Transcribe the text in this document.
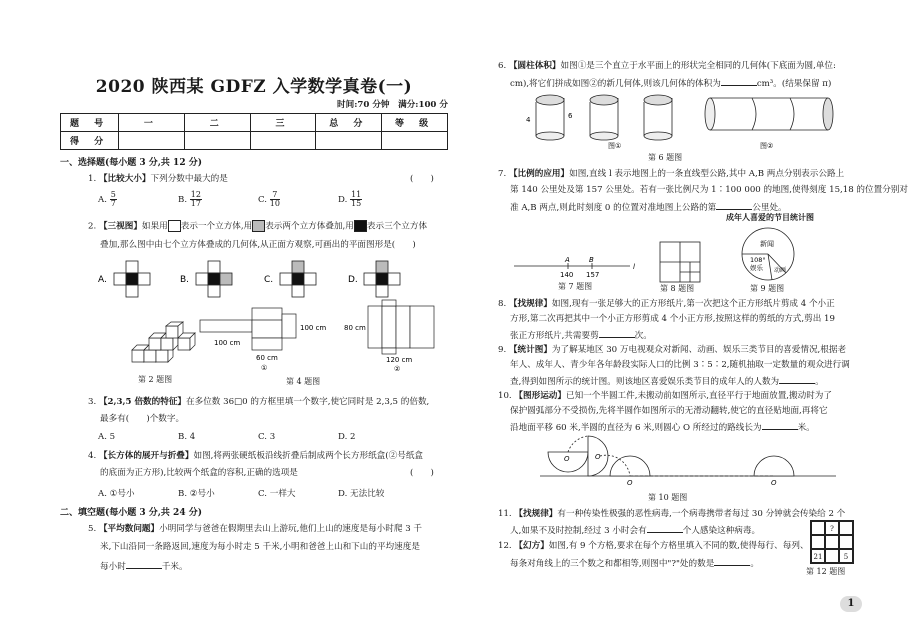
2020 陕西某 GDFZ 入学数学真卷(一)
时间:70 分钟　满分:100 分
题 号	一	二	三	总 分	等 级
得 分					
一、选择题(每小题 3 分,共 12 分)
1. 【比较大小】下列分数中最大的是	(　　)
A. $\frac{5}{7}$	B. $\frac{12}{17}$	C. $\frac{7}{10}$	D. $\frac{11}{15}$
2. 【三视图】如果用 表示一个立方体,用 表示两个立方体叠加,用 表示三个立方体
叠加,那么图中由七个立方体叠成的几何体,从正面方观察,可画出的平面图形是(　　)
A.	B.	C.	D.
第 2 题图
100 cm
100 cm
60 cm
①
80 cm
120 cm
②
第 4 题图
3. 【2,3,5 倍数的特征】在多位数 36□0 的方框里填一个数字,使它同时是 2,3,5 的倍数,
最多有(　　)个数字。
A. 5	B. 4	C. 3	D. 2
4. 【长方体的展开与折叠】如图,将两张硬纸板沿线折叠后制成两个长方形纸盒(②号纸盒
的底面为正方形),比较两个纸盒的容积,正确的选项是	(　　)
A. ①号小	B. ②号小	C. 一样大	D. 无法比较
二、填空题(每小题 3 分,共 24 分)
5. 【平均数问题】小明同学与爸爸在假期里去山上游玩,他们上山的速度是每小时爬 3 千
米,下山沿同一条路返回,速度为每小时走 5 千米,小明和爸爸上山和下山的平均速度是
每小时	千米。
6. 【圆柱体积】如图①是三个直立于水平面上的形状完全相同的几何体(下底面为圆,单位:
cm),将它们拼成如图②的新几何体,则该几何体的体积为	cm³。(结果保留 π)
4	6
图①	图②
第 6 题图
7. 【比例的应用】如图,直线 l 表示地图上的一条直线型公路,其中 A,B 两点分别表示公路上
第 140 公里处及第 157 公里处。若有一张比例尺为 1∶100 000 的地图,使得刻度 15,18 的位置分别对
准 A,B 两点,则此时刻度 0 的位置对准地图上公路的第	公里处。
A	B
140 157
l
第 7 题图	第 8 题图
成年人喜爱的节目统计图
新闻
娱乐 动画
108°
第 9 题图
8. 【找规律】如图,现有一张足够大的正方形纸片,第一次把这个正方形纸片剪成 4 个小正
方形,第二次再把其中一个小正方形剪成 4 个小正方形,按照这样的剪纸的方式,剪出 19
张正方形纸片,共需要剪	次。
9. 【统计图】为了解某地区 30 万电视观众对新闻、动画、娱乐三类节目的喜爱情况,根据老
年人、成年人、青少年各年龄段实际人口的比例 3∶5∶2,随机抽取一定数量的观众进行调
查,得到如图所示的统计图。则该地区喜爱娱乐类节目的成年人的人数为	。
10. 【图形运动】已知一个半圆工件,未搬动前如图所示,直径平行于地面放置,搬动时为了
保护圆弧部分不受损伤,先将半圆作如图所示的无滑动翻转,使它的直径贴地面,再将它
沿地面平移 60 米,半圆的直径为 6 米,则圆心 O 所经过的路线长为	米。
O	O
O	O
第 10 题图
11. 【找规律】有一种传染性极强的恶性病毒,一个病毒携带者每过 30 分钟就会传染给 2 个
人,如果不及时控制,经过 3 小时会有	个人感染这种病毒。
12. 【幻方】如图,有 9 个方格,要求在每个方格里填入不同的数,使得每行、每列、
每条对角线上的三个数之和都相等,则图中"?"处的数是	。
?
21	5
第 12 题图
1
